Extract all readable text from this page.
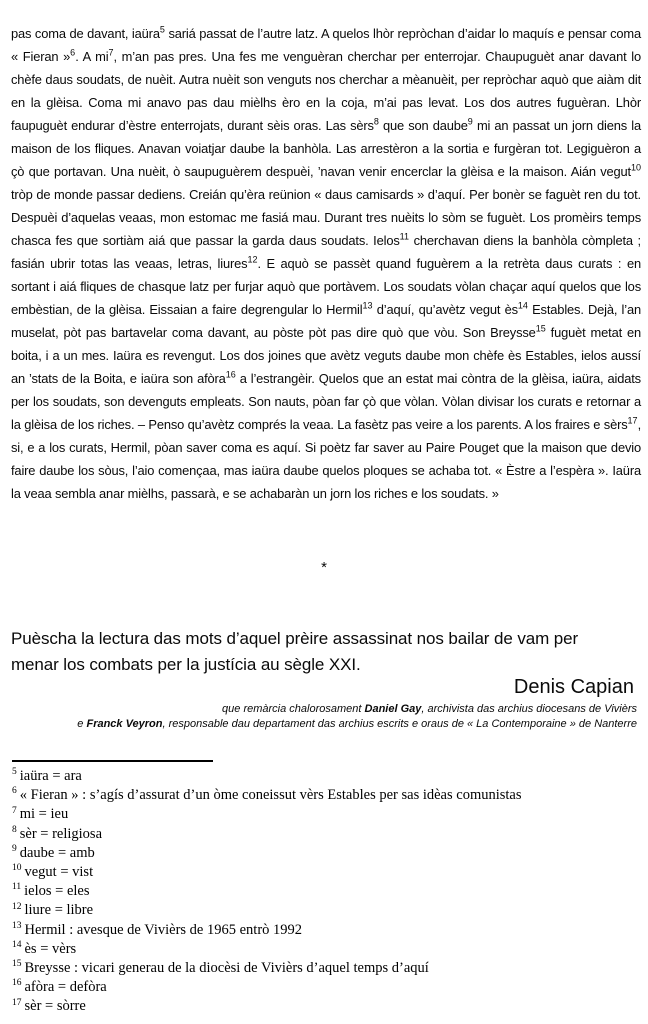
pas coma de davant, iaüra$^5$ sariá passat de l’autre latz. A quelos lhòr repròchan d’aidar lo maquís e pensar coma « Fieran »$^6$. A mi$^7$, m’an pas pres. Una fes me venguèran cherchar per enterrojar. Chaupuguèt anar davant lo chèfe daus soudats, de nuèit. Autra nuèit son venguts nos cherchar a mèanuèit, per repròchar aquò que aiàm dit en la glèisa. Coma mi anavo pas dau mièlhs èro en la coja, m’ai pas levat. Los dos autres fuguèran. Lhòr faupuguèt endurar d’èstre enterrojats, durant sèis oras. Las sèrs$^8$ que son daube$^9$ mi an passat un jorn diens la maison de los fliques. Anavan voiatjar daube la banhòla. Las arrestèron a la sortia e furgèran tot. Legiguèron a çò que portavan. Una nuèit, ò saupuguèrem despuèi, ’navan venir encerclar la glèisa e la maison. Aián vegut$^{10}$ tròp de monde passar dediens. Creián qu’èra reünion « daus camisards » d’aquí. Per bonèr se faguèt ren du tot. Despuèi d’aquelas veaas, mon estomac me fasiá mau. Durant tres nuèits lo sòm se fuguèt. Los promèirs temps chasca fes que sortiàm aiá que passar la garda daus soudats. Ielos$^{11}$ cherchavan diens la banhòla còmpleta ; fasián ubrir totas las veaas, letras, liures$^{12}$. E aquò se passèt quand fuguèrem a la retrèta daus curats : en sortant i aiá fliques de chasque latz per furjar aquò que portàvem. Los soudats vòlan chaçar aquí quelos que los embèstian, de la glèisa. Eissaian a faire degrengular lo Hermil$^{13}$ d’aquí, qu’avètz vegut ès$^{14}$ Estables. Dejà, l’an muselat, pòt pas bartavelar coma davant, au pòste pòt pas dire quò que vòu. Son Breysse$^{15}$ fuguèt metat en boita, i a un mes. Iaüra es revengut. Los dos joines que avètz veguts daube mon chèfe ès Estables, ielos aussí an ’stats de la Boita, e iaüra son afòra$^{16}$ a l’estrangèir. Quelos que an estat mai còntra de la glèisa, iaüra, aidats per los soudats, son devenguts empleats. Son nauts, pòan far çò que vòlan. Vòlan divisar los curats e retornar a la glèisa de los riches. – Penso qu’avètz comprés la veaa. La fasètz pas veire a los parents. A los fraires e sèrs$^{17}$, si, e a los curats, Hermil, pòan saver coma es aquí. Si poètz far saver au Paire Pouget que la maison que devio faire daube los sòus, l’aio començaa, mas iaüra daube quelos ploques se achaba tot. « Èstre a l’espèra ». Iaüra la veaa sembla anar mièlhs, passarà, e se achabaràn un jorn los riches e los soudats. »

*

Puèscha la lectura das mots d’aquel prèire assassinat nos bailar de vam per menar los combats per la justícia au sègle XXI.

Denis Capian
que remàrcia chalorosament Daniel Gay, archivista das archius diocesans de Vivièrs
e Franck Veyron, responsable dau departament das archius escrits e oraus de « La Contemporaine » de Nanterre
$^5$ iaüra = ara
$^6$ « Fieran » : s’agís d’assurat d’un òme coneissut vèrs Estables per sas idèas comunistas
$^7$ mi = ieu
$^8$ sèr = religiosa
$^9$ daube = amb
$^{10}$ vegut = vist
$^{11}$ ielos = eles
$^{12}$ liure = libre
$^{13}$ Hermil : avesque de Vivièrs de 1965 entrò 1992
$^{14}$ ès = vèrs
$^{15}$ Breysse : vicari generau de la diocèsi de Vivièrs d’aquel temps d’aquí
$^{16}$ afòra = defòra
$^{17}$ sèr = sòrre
